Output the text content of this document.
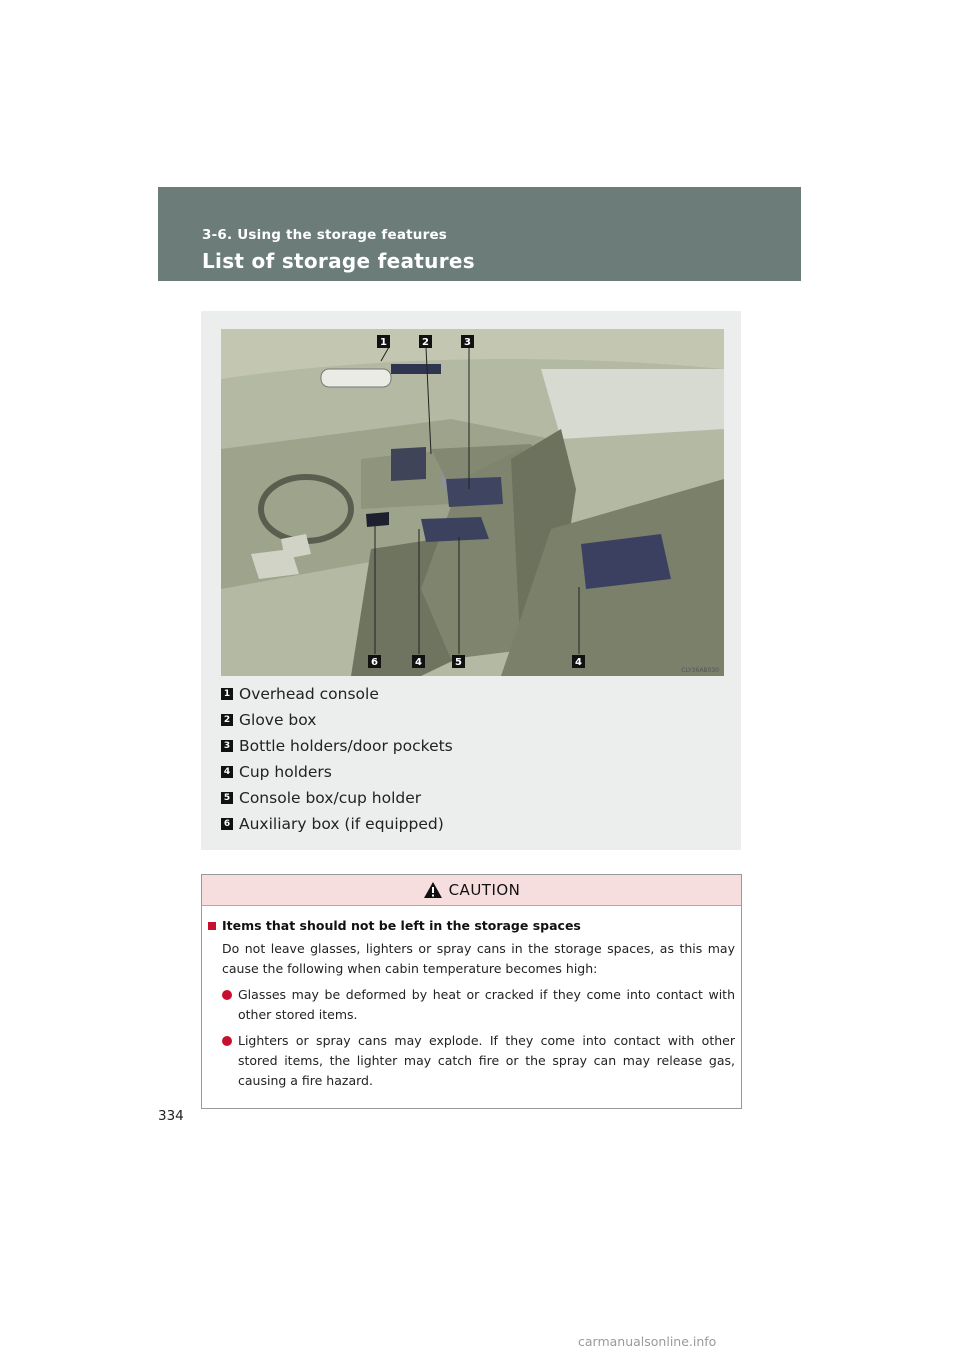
3-6. Using the storage features
List of storage features
1	2	3
6	4	5	4
CLY36AB030
1 Overhead console
2 Glove box
3 Bottle holders/door pockets
4 Cup holders
5 Console box/cup holder
6 Auxiliary box (if equipped)
CAUTION
Items that should not be left in the storage spaces
Do not leave glasses, lighters or spray cans in the storage spaces, as this may cause the following when cabin temperature becomes high:
Glasses may be deformed by heat or cracked if they come into contact with other stored items.
Lighters or spray cans may explode. If they come into contact with other stored items, the lighter may catch fire or the spray can may release gas, causing a fire hazard.
334
carmanualsonline.info
